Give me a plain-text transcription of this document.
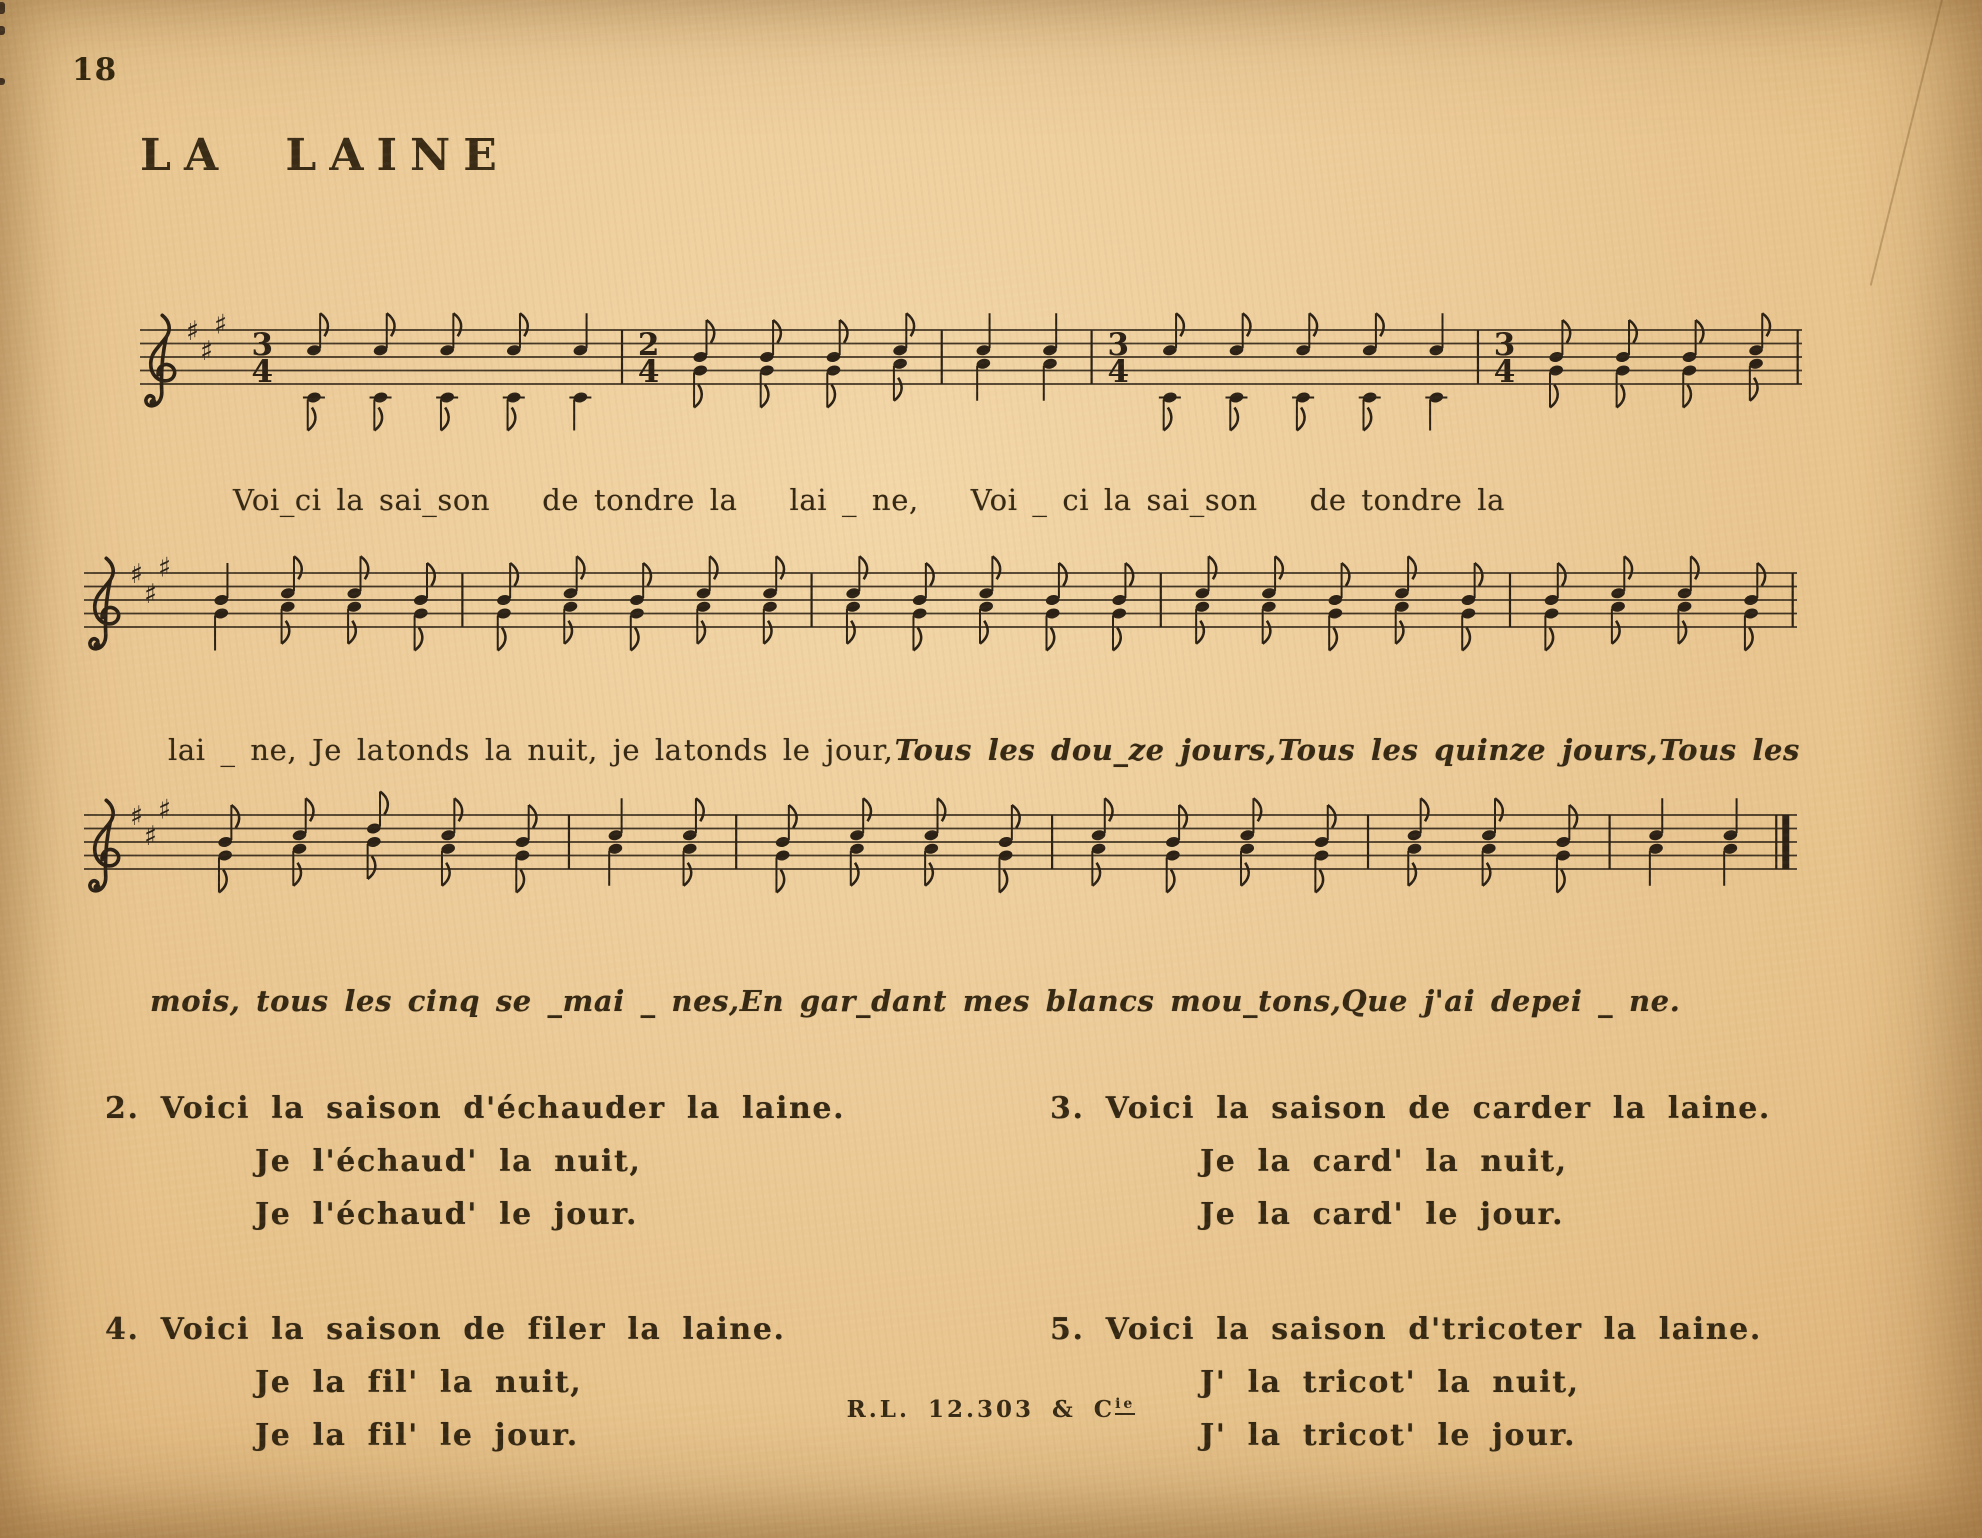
18
LA LAINE
♯
♯
♯
3
4
2
4
3
4
3
4
Voi_ci la sai_son de tondre la lai _ ne, Voi _ ci la sai_son de tondre la
♯
♯
♯
lai _ ne, Je la tonds la nuit, je la tonds le jour, Tous les dou_ze jours, Tous les quinze jours, Tous les
♯
♯
♯
mois, tous les cinq se _ mai _ nes, En gar_dant mes blancs mou_tons, Que j'ai de pei _ ne.
2. Voici la saison d'échauder la laine.
Je l'échaud' la nuit,
Je l'échaud' le jour.
3. Voici la saison de carder la laine.
Je la card' la nuit,
Je la card' le jour.
4. Voici la saison de filer la laine.
Je la fil' la nuit,
Je la fil' le jour.
5. Voici la saison d'tricoter la laine.
J' la tricot' la nuit,
J' la tricot' le jour.
R.L. 12.303 & $C^{ie}$
